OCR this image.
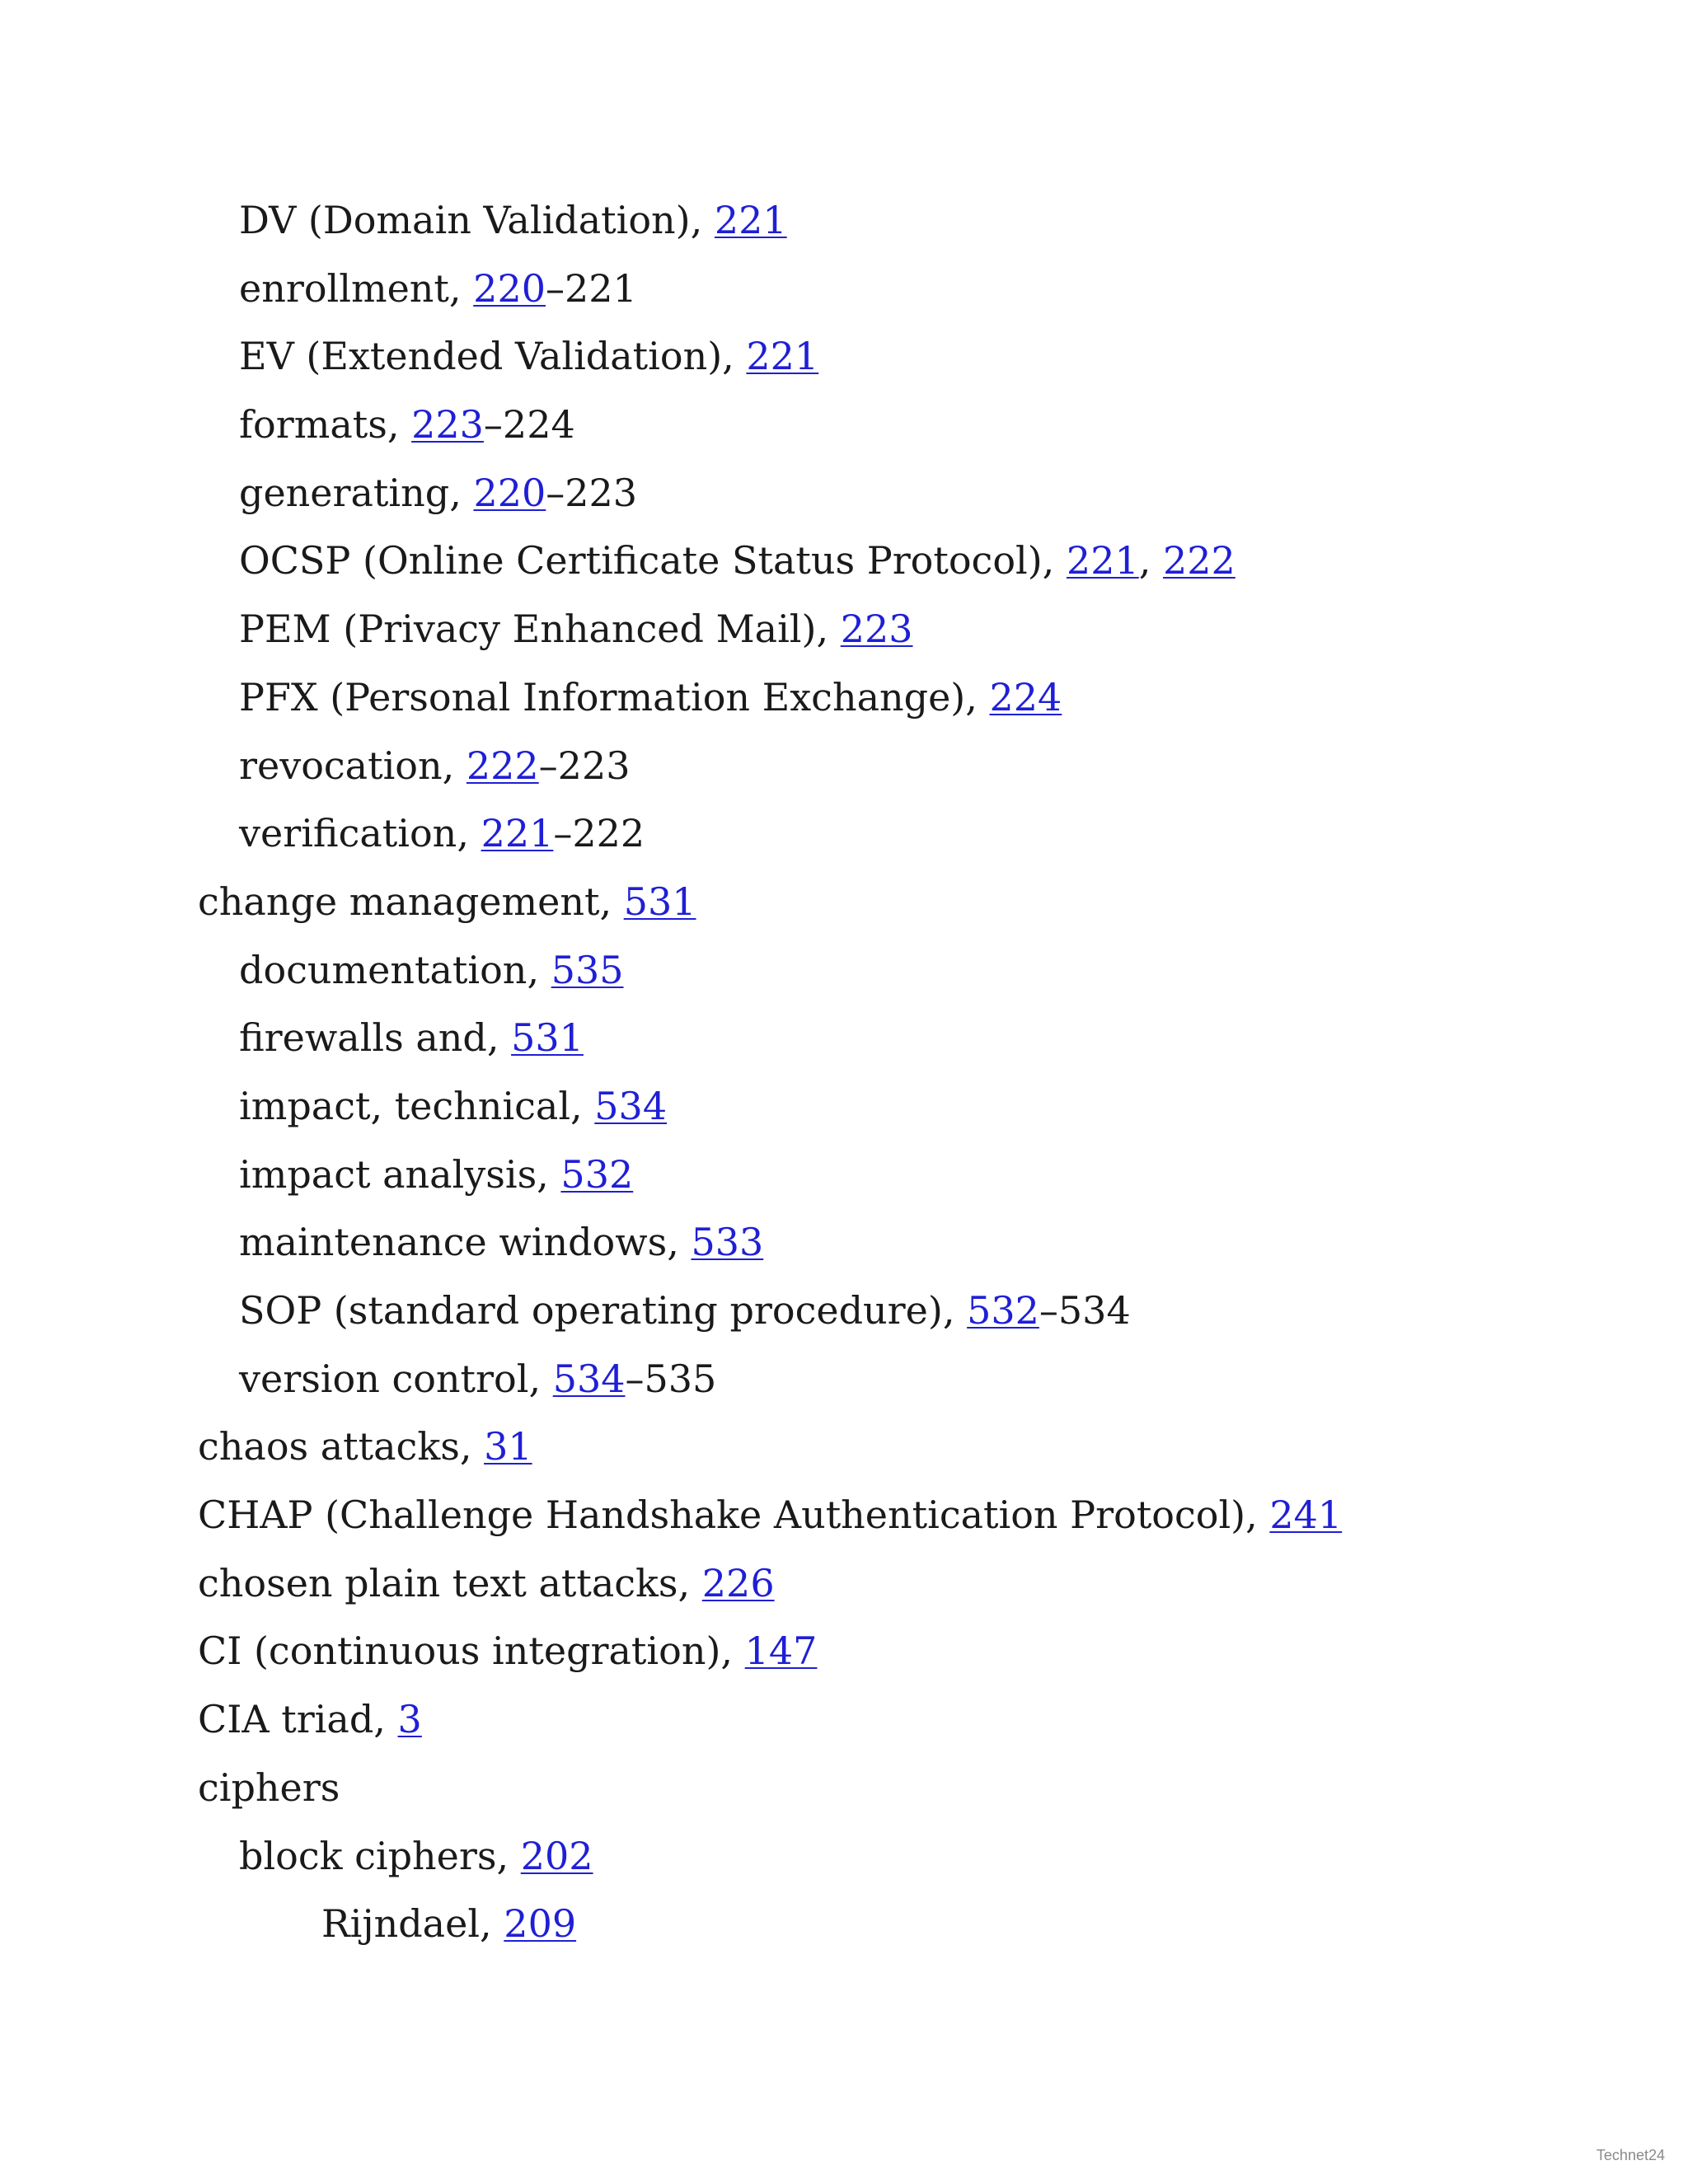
DV (Domain Validation), 221
enrollment, 220–221
EV (Extended Validation), 221
formats, 223–224
generating, 220–223
OCSP (Online Certificate Status Protocol), 221, 222
PEM (Privacy Enhanced Mail), 223
PFX (Personal Information Exchange), 224
revocation, 222–223
verification, 221–222
change management, 531
documentation, 535
firewalls and, 531
impact, technical, 534
impact analysis, 532
maintenance windows, 533
SOP (standard operating procedure), 532–534
version control, 534–535
chaos attacks, 31
CHAP (Challenge Handshake Authentication Protocol), 241
chosen plain text attacks, 226
CI (continuous integration), 147
CIA triad, 3
ciphers
block ciphers, 202
Rijndael, 209
Technet24
